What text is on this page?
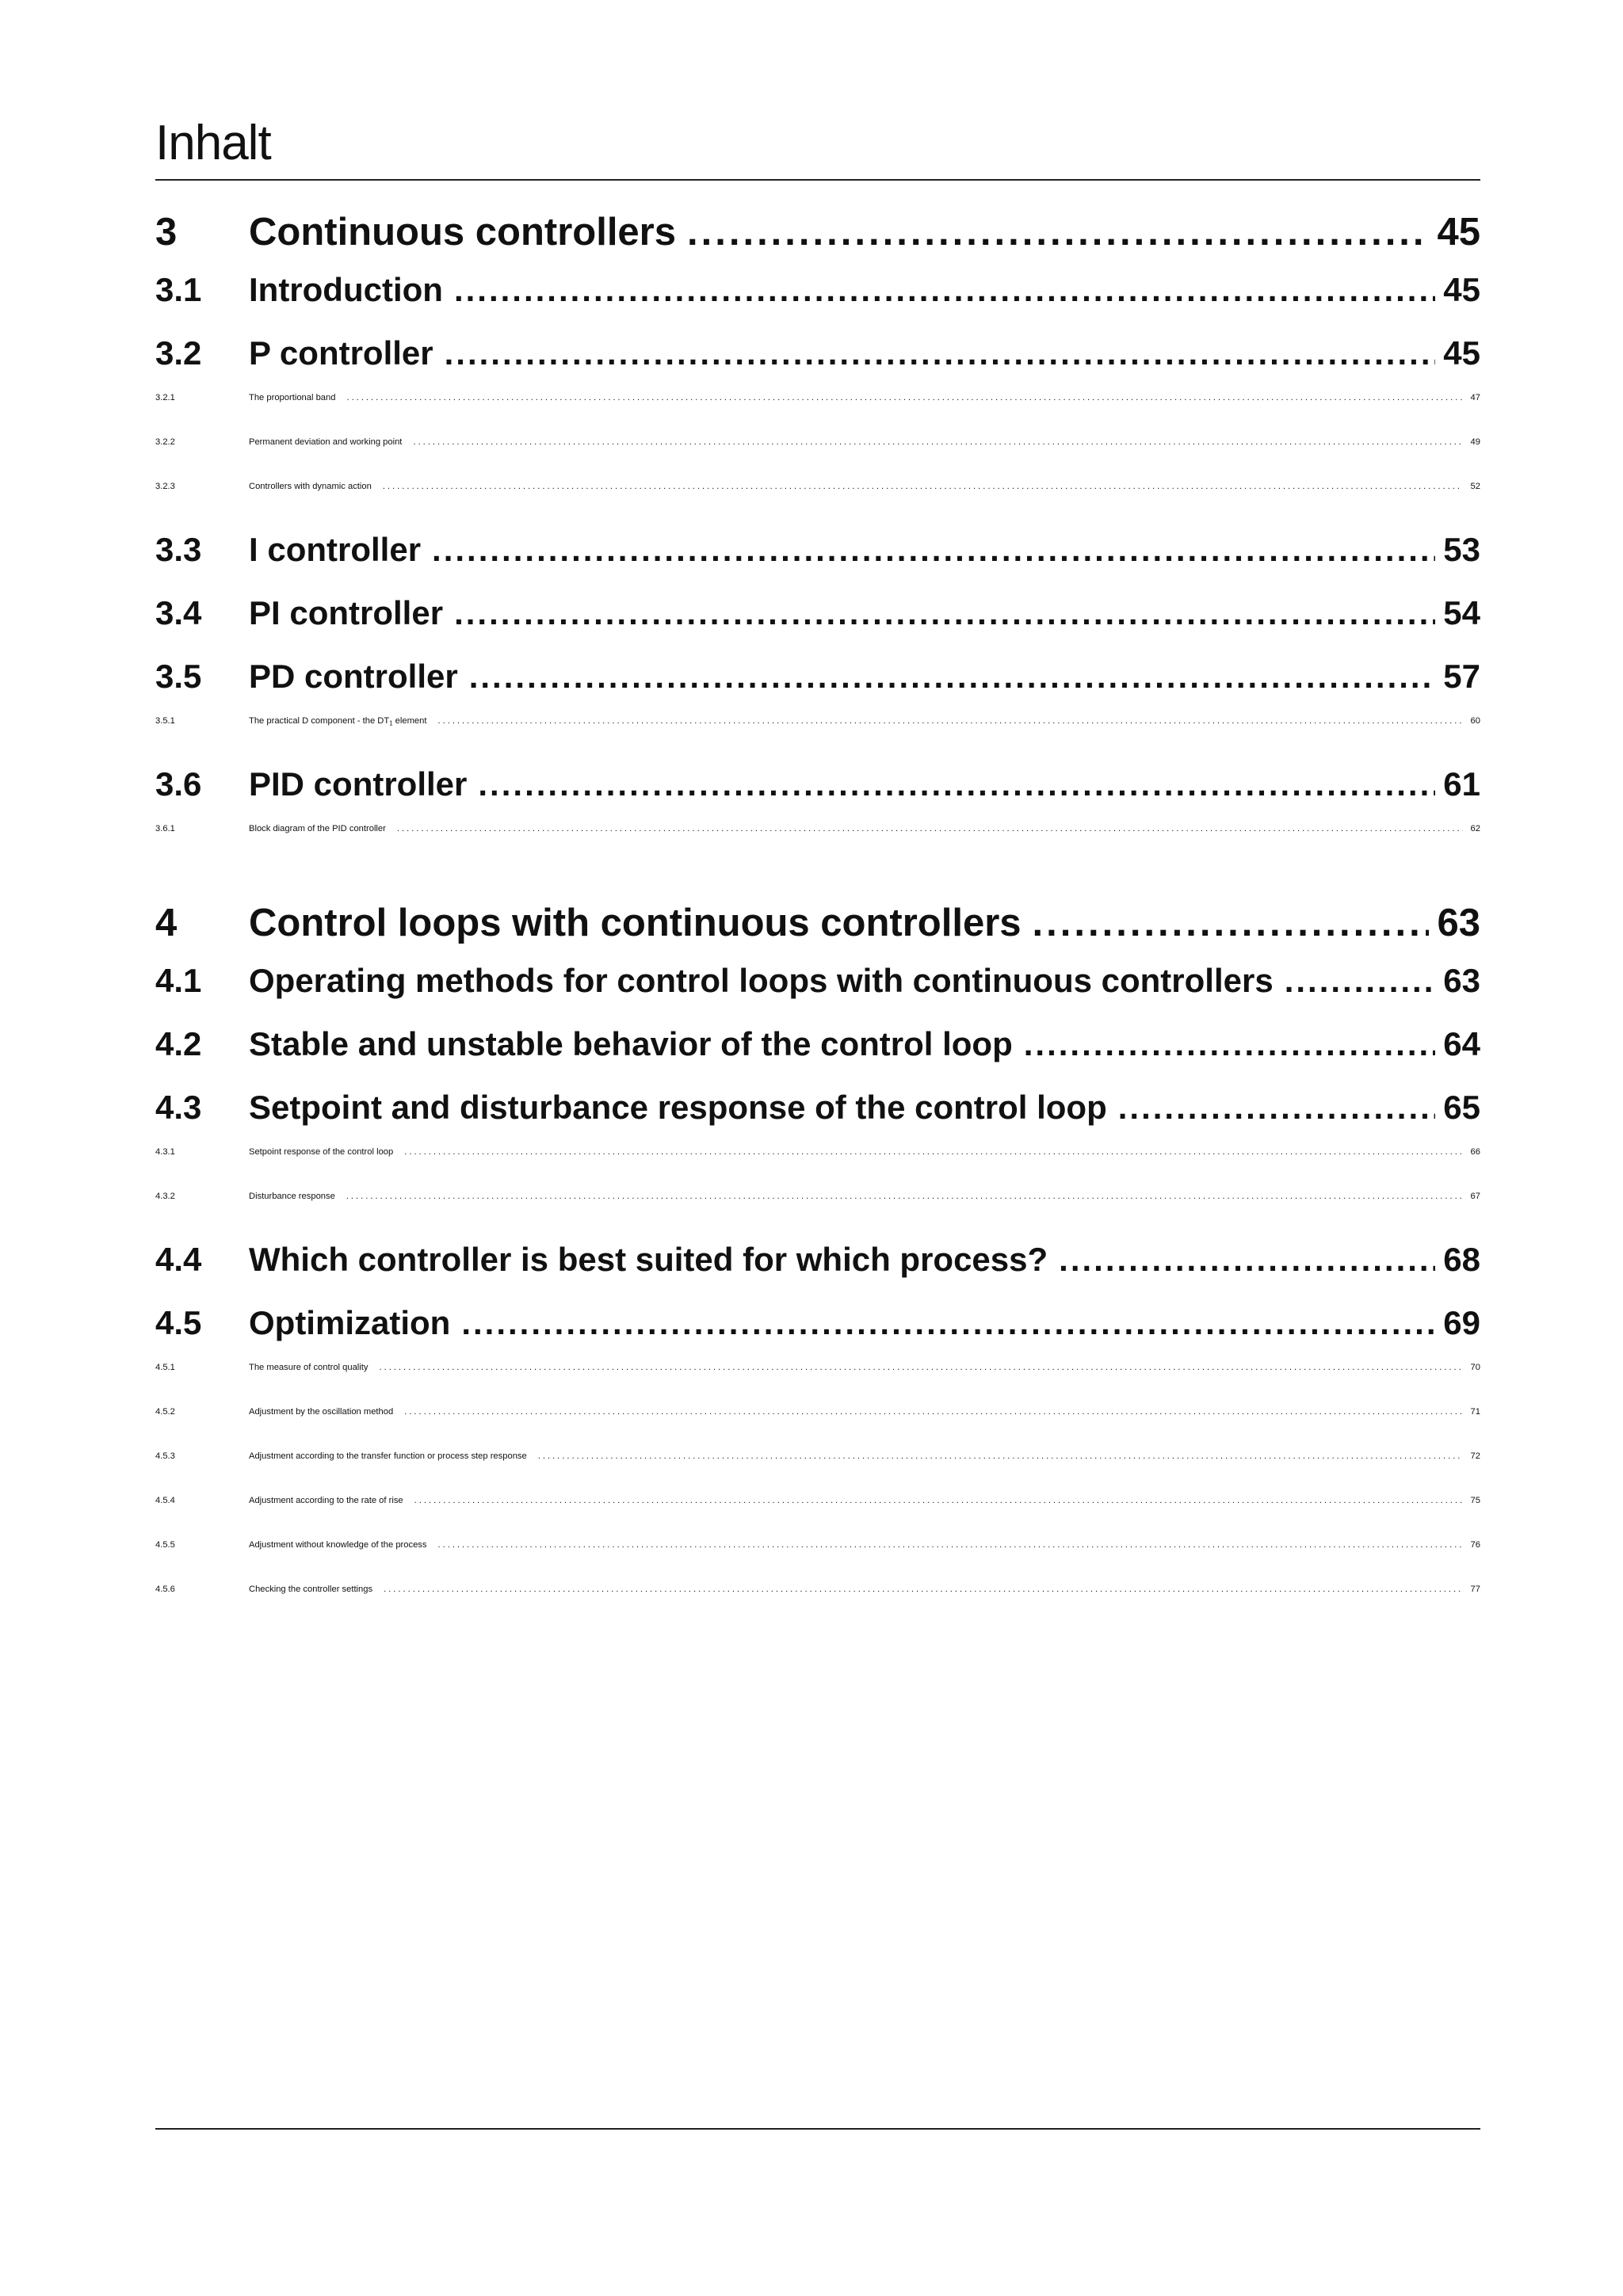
Inhalt
3	Continuous controllers .....	45
3.1	Introduction .....	45
3.2	P controller .....	45
3.2.1	The proportional band .....	47
3.2.2	Permanent deviation and working point .....	49
3.2.3	Controllers with dynamic action .....	52
3.3	I controller .....	53
3.4	PI controller .....	54
3.5	PD controller .....	57
3.5.1	The practical D component - the $DT_1$ element .....	60
3.6	PID controller .....	61
3.6.1	Block diagram of the PID controller .....	62
4	Control loops with continuous controllers .....	63
4.1	Operating methods for control loops with continuous controllers .....	63
4.2	Stable and unstable behavior of the control loop .....	64
4.3	Setpoint and disturbance response of the control loop .....	65
4.3.1	Setpoint response of the control loop .....	66
4.3.2	Disturbance response .....	67
4.4	Which controller is best suited for which process? .....	68
4.5	Optimization .....	69
4.5.1	The measure of control quality .....	70
4.5.2	Adjustment by the oscillation method .....	71
4.5.3	Adjustment according to the transfer function or process step response .....	72
4.5.4	Adjustment according to the rate of rise .....	75
4.5.5	Adjustment without knowledge of the process .....	76
4.5.6	Checking the controller settings .....	77
